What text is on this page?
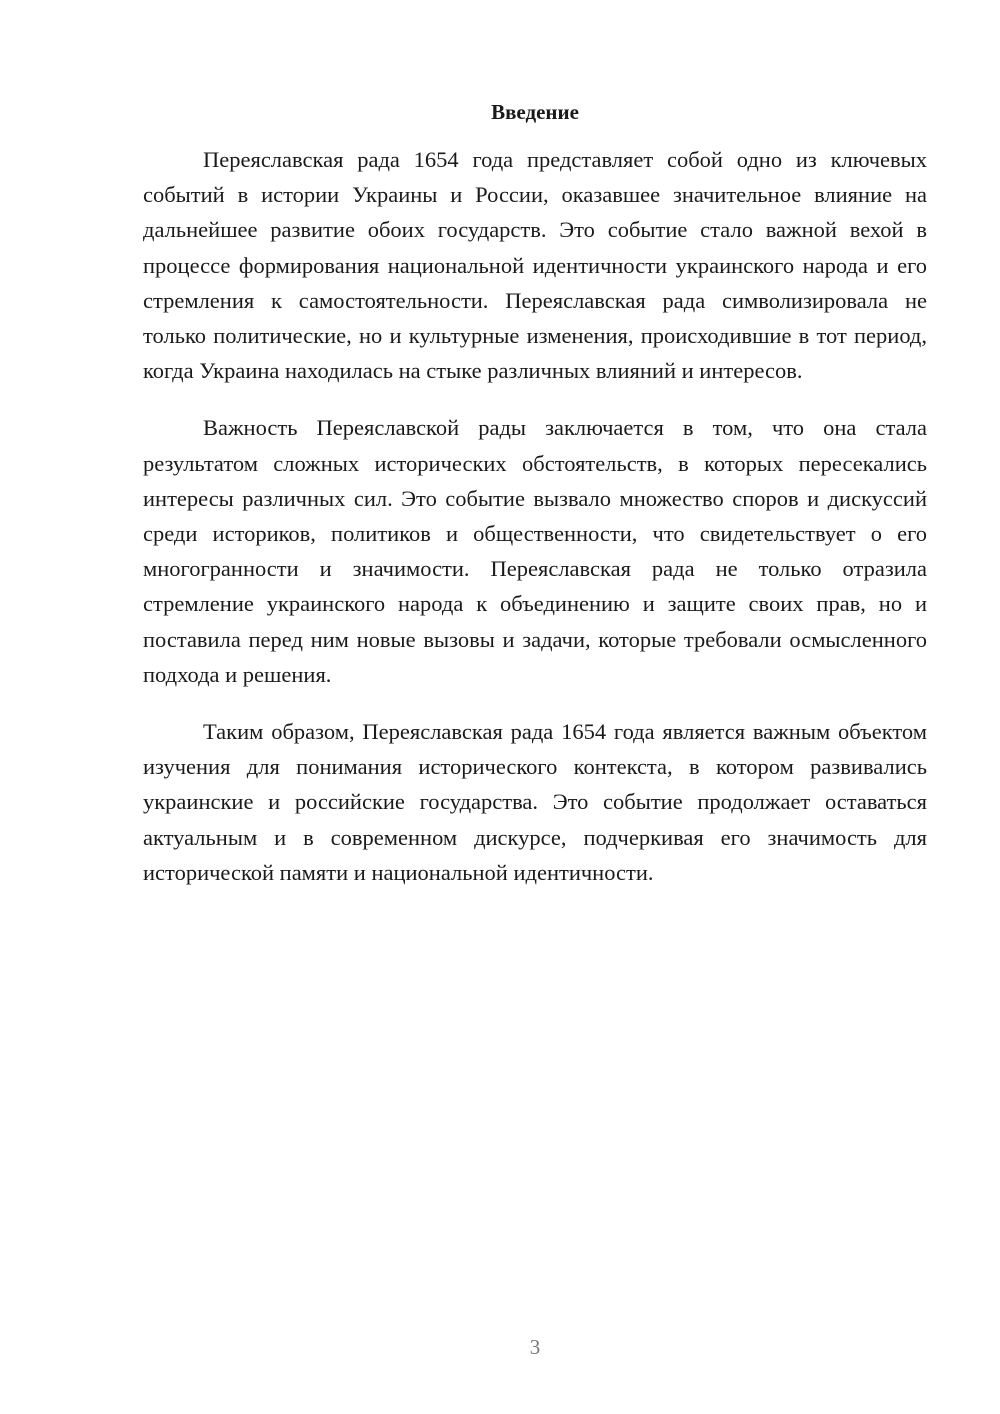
Введение

Переяславская рада 1654 года представляет собой одно из ключевых событий в истории Украины и России, оказавшее значительное влияние на дальнейшее развитие обоих государств. Это событие стало важной вехой в процессе формирования национальной идентичности украинского народа и его стремления к самостоятельности. Переяславская рада символизировала не только политические, но и культурные изменения, происходившие в тот период, когда Украина находилась на стыке различных влияний и интересов.

Важность Переяславской рады заключается в том, что она стала результатом сложных исторических обстоятельств, в которых пересекались интересы различных сил. Это событие вызвало множество споров и дискуссий среди историков, политиков и общественности, что свидетельствует о его многогранности и значимости. Переяславская рада не только отразила стремление украинского народа к объединению и защите своих прав, но и поставила перед ним новые вызовы и задачи, которые требовали осмысленного подхода и решения.

Таким образом, Переяславская рада 1654 года является важным объектом изучения для понимания исторического контекста, в котором развивались украинские и российские государства. Это событие продолжает оставаться актуальным и в современном дискурсе, подчеркивая его значимость для исторической памяти и национальной идентичности.

3
